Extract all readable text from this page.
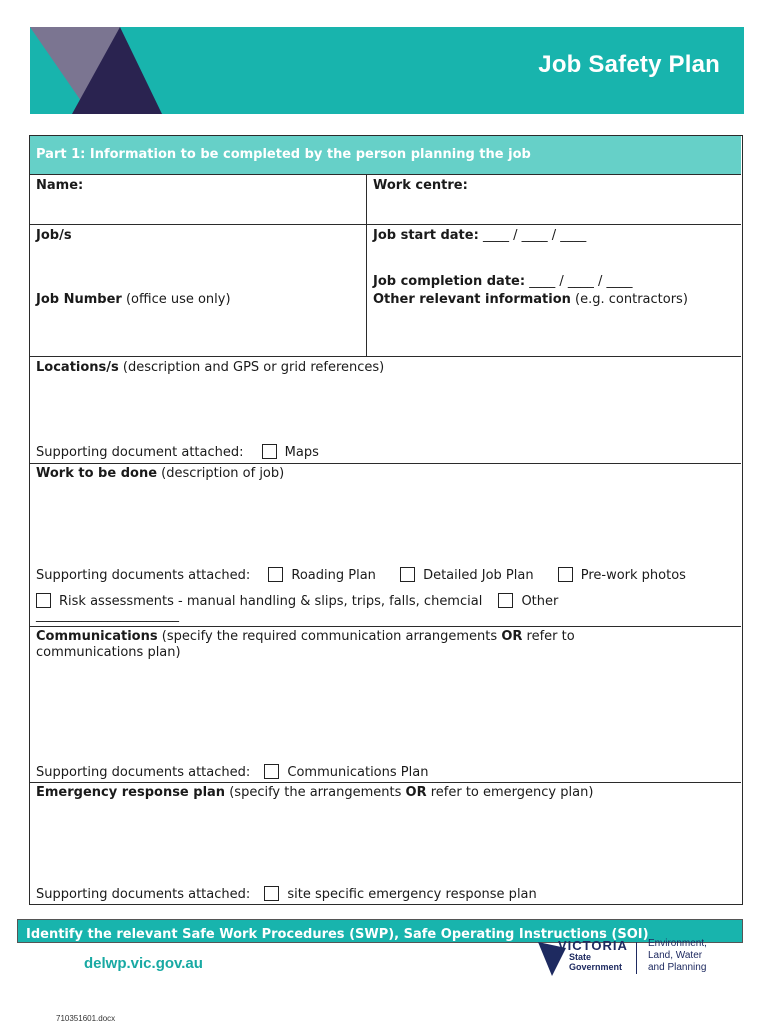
Job Safety Plan
Part 1: Information to be completed by the person planning the job
Name:	Work centre:
Job/s	Job start date: ____ / ____ / ____
Job completion date: ____ / ____ / ____
Job Number (office use only)	Other relevant information (e.g. contractors)
Locations/s (description and GPS or grid references)
Supporting document attached:	Maps
Work to be done (description of job)
Supporting documents attached:	Roading Plan	Detailed Job Plan	Pre-work photos
Risk assessments - manual handling & slips, trips, falls, chemcial	Other
______________________
Communications (specify the required communication arrangements OR refer to
communications plan)
Supporting documents attached:	Communications Plan
Emergency response plan (specify the arrangements OR refer to emergency plan)
Supporting documents attached:	site specific emergency response plan
Identify the relevant Safe Work Procedures (SWP), Safe Operating Instructions (SOI)
delwp.vic.gov.au
VICTORIA
State
Government
Environment,
Land, Water
and Planning
710351601.docx
